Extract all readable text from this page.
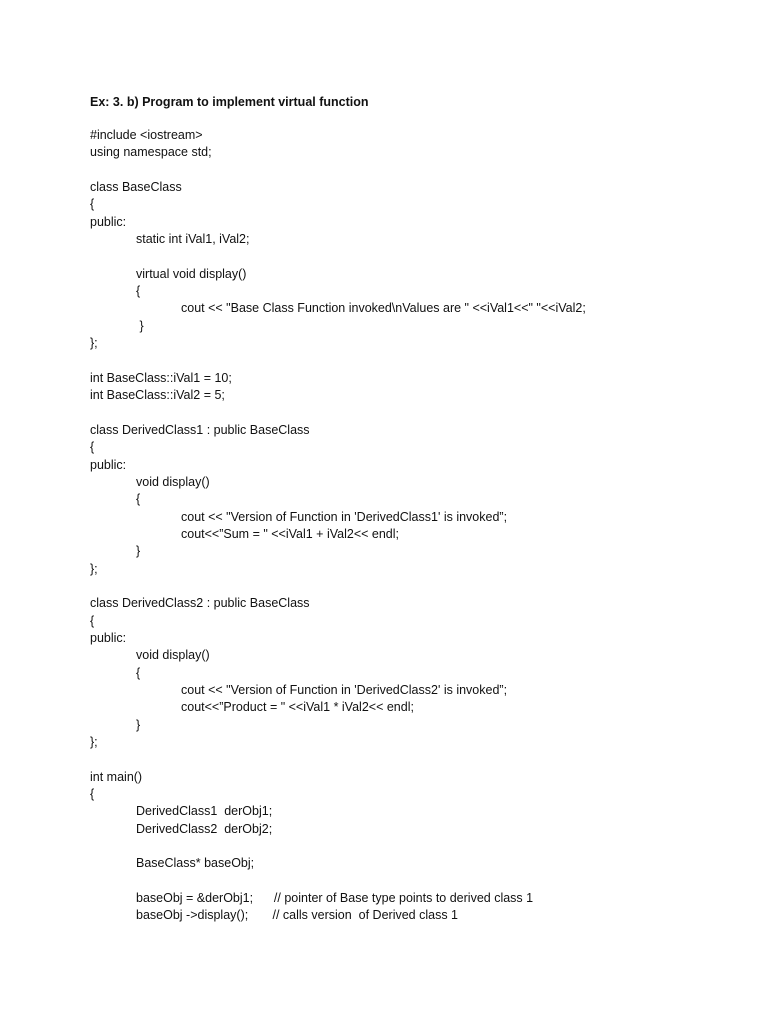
Ex: 3. b) Program to implement virtual function
#include <iostream>
using namespace std;
class BaseClass
{
public:
static int iVal1, iVal2;
virtual void display()
{
cout << "Base Class Function invoked\nValues are " <<iVal1<<" "<<iVal2;
}
};
int BaseClass::iVal1 = 10;
int BaseClass::iVal2 = 5;
class DerivedClass1 : public BaseClass
{
public:
void display()
{
cout << "Version of Function in 'DerivedClass1' is invoked”;
cout<<”Sum = " <<iVal1 + iVal2<< endl;
}
};
class DerivedClass2 : public BaseClass
{
public:
void display()
{
cout << "Version of Function in 'DerivedClass2' is invoked”;
cout<<”Product = " <<iVal1 * iVal2<< endl;
}
};
int main()
{
DerivedClass1  derObj1;
DerivedClass2  derObj2;
BaseClass* baseObj;
baseObj = &derObj1;      // pointer of Base type points to derived class 1
baseObj ->display();       // calls version  of Derived class 1
